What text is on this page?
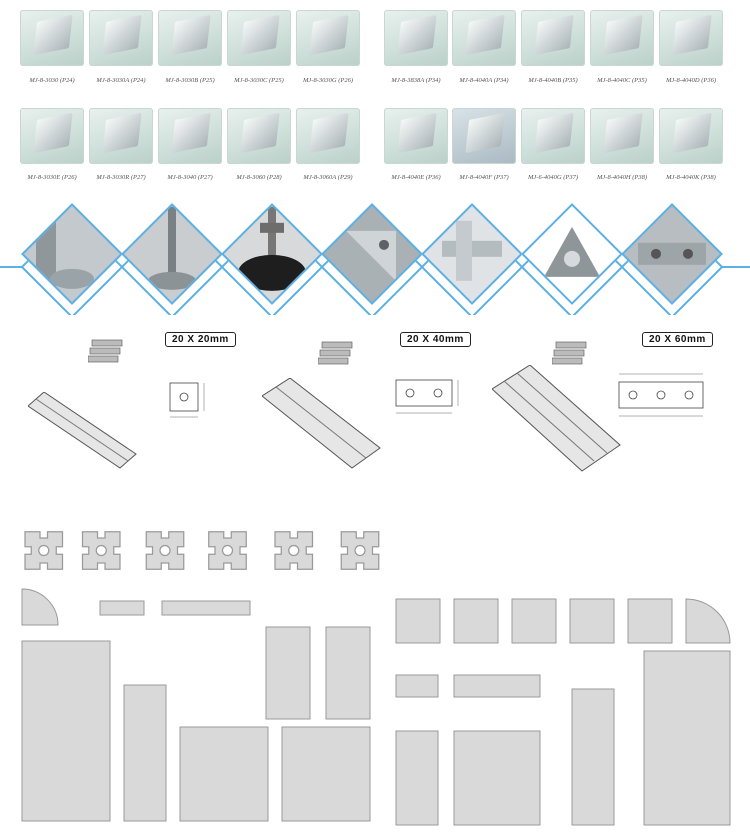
MJ-8-3030 (P24)	MJ-8-3030A (P24)	MJ-8-3030B (P25)	MJ-8-3030C (P25)	MJ-8-3030G (P26)
MJ-8-3030E (P26)	MJ-8-3030R (P27)	MJ-8-3040 (P27)	MJ-8-3060 (P28)	MJ-8-3060A (P29)
MJ-8-3838A (P34)	MJ-8-4040A (P34)	MJ-8-4040B (P35)	MJ-8-4040C (P35)	MJ-8-4040D (P36)
MJ-8-4040E (P36)	MJ-8-4040F (P37)	MJ-6-4040G (P37)	MJ-8-4040H (P38)	MJ-8-4040K (P38)
20 X 20mm	20 X 40mm	20 X 60mm
